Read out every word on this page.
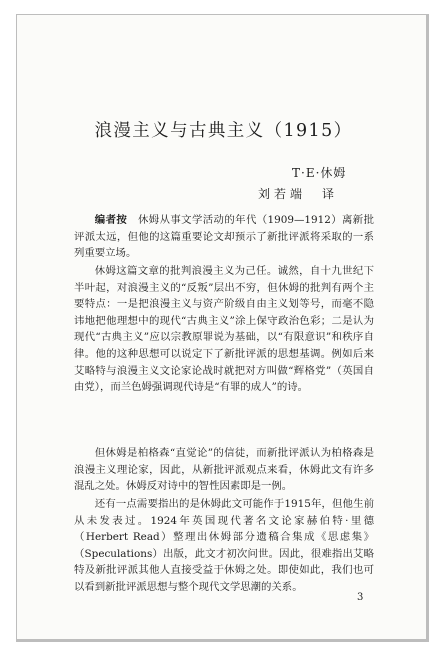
浪漫主义与古典主义（1915）
T·E·休姆
刘若端　译

编者按　 休姆从事文学活动的年代（1909—1912）离新批评派太远，但他的这篇重要论文却预示了新批评派将采取的一系列重要立场。

休姆这篇文章的批判浪漫主义为己任。诚然，自十九世纪下半叶起，对浪漫主义的“反叛”层出不穷，但休姆的批判有两个主要特点：一是把浪漫主义与资产阶级自由主义划等号，而毫不隐讳地把他理想中的现代“古典主义”涂上保守政治色彩；二是认为现代“古典主义”应以宗教原罪说为基础，以“有限意识”和秩序自律。他的这种思想可以说定下了新批评派的思想基调。例如后来艾略特与浪漫主义文论家论战时就把对方叫做“辉格党”（英国自由党），而兰色姆强调现代诗是“有罪的成人”的诗。

但休姆是柏格森“直觉论”的信徒，而新批评派认为柏格森是浪漫主义理论家，因此，从新批评派观点来看，休姆此文有许多混乱之处。休姆反对诗中的智性因素即是一例。

还有一点需要指出的是休姆此文可能作于1915年，但他生前从未发表过。1924年英国现代著名文论家赫伯特·里德（Herbert Read）整理出休姆部分遗稿合集成《思虑集》（Speculations）出版，此文才初次问世。因此，很难指出艾略特及新批评派其他人直接受益于休姆之处。即使如此，我们也可以看到新批评派思想与整个现代文学思潮的关系。

3
